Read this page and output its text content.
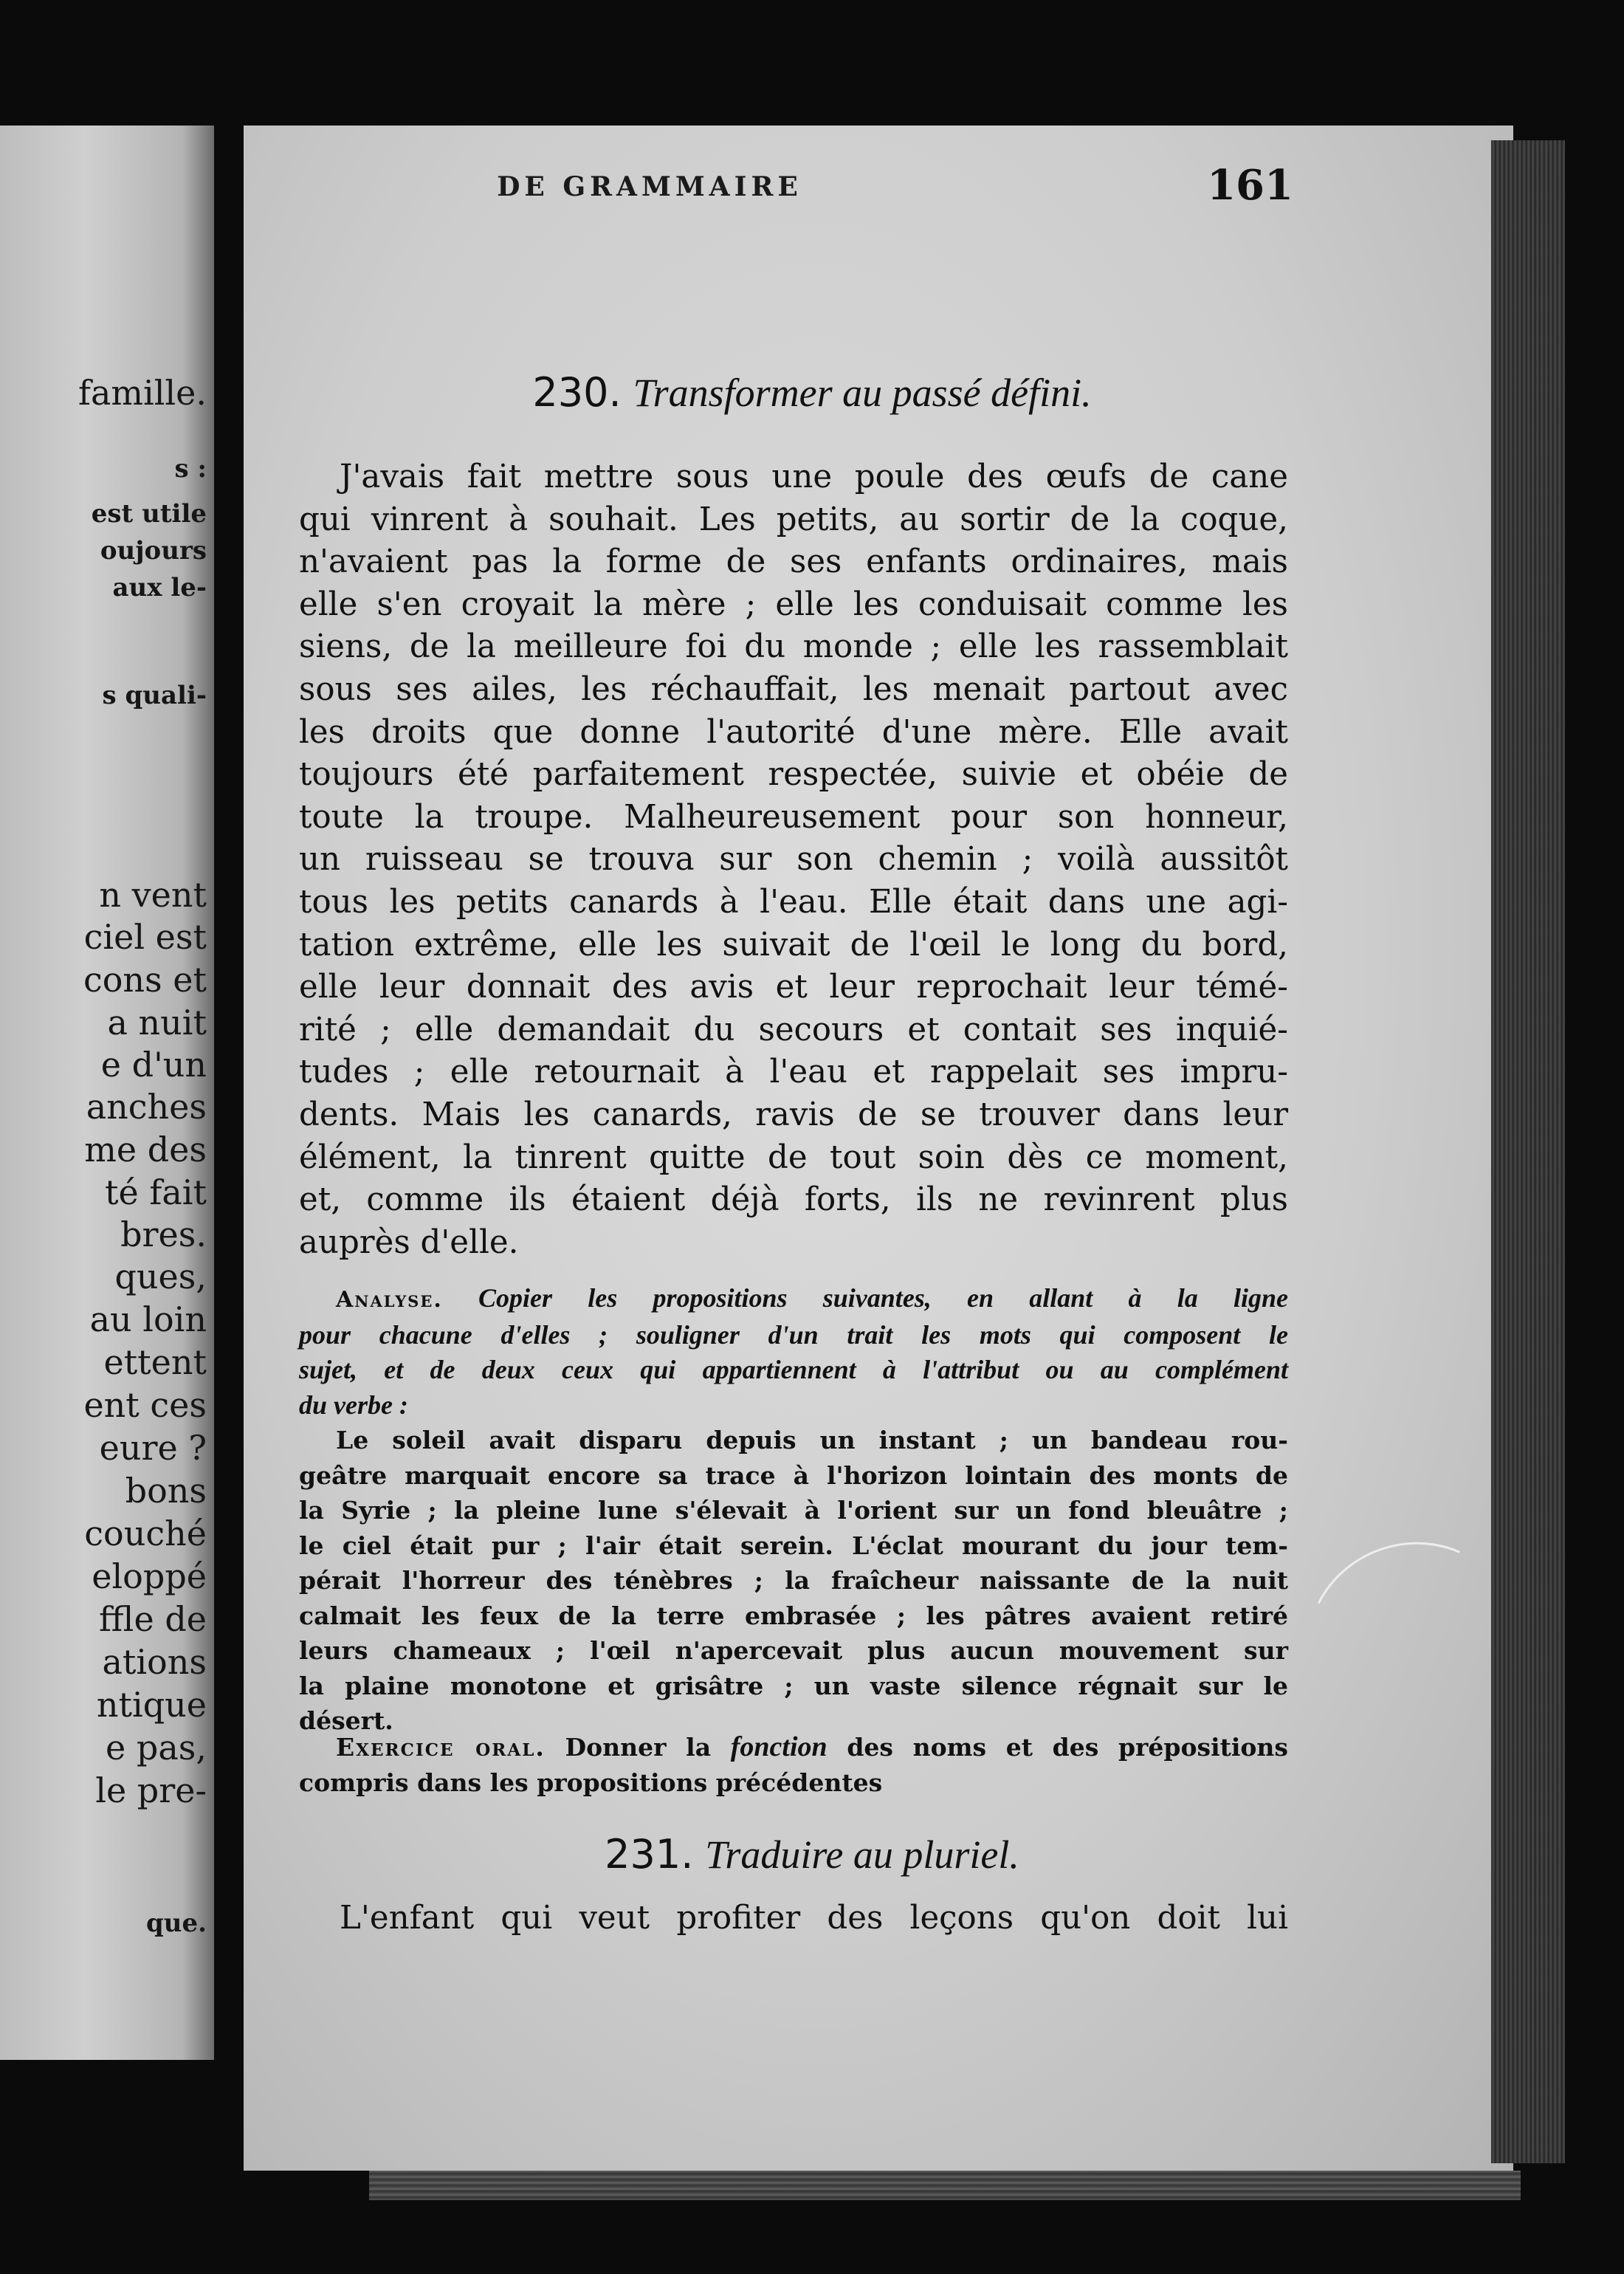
famille.
s :
est utile
oujours
aux le-
s quali-
n vent
ciel est
cons et
a nuit
e d'un
anches
me des
té fait
bres.
ques,
au loin
ettent
ent ces
eure ?
bons
couché
eloppé
ffle de
ations
ntique
e pas,
le pre-
que.
DE GRAMMAIRE	161
230. Transformer au passé défini.
J'avais fait mettre sous une poule des œufs de cane
qui vinrent à souhait. Les petits, au sortir de la coque,
n'avaient pas la forme de ses enfants ordinaires, mais
elle s'en croyait la mère ; elle les conduisait comme les
siens, de la meilleure foi du monde ; elle les rassemblait
sous ses ailes, les réchauffait, les menait partout avec
les droits que donne l'autorité d'une mère. Elle avait
toujours été parfaitement respectée, suivie et obéie de
toute la troupe. Malheureusement pour son honneur,
un ruisseau se trouva sur son chemin ; voilà aussitôt
tous les petits canards à l'eau. Elle était dans une agi-
tation extrême, elle les suivait de l'œil le long du bord,
elle leur donnait des avis et leur reprochait leur témé-
rité ; elle demandait du secours et contait ses inquié-
tudes ; elle retournait à l'eau et rappelait ses impru-
dents. Mais les canards, ravis de se trouver dans leur
élément, la tinrent quitte de tout soin dès ce moment,
et, comme ils étaient déjà forts, ils ne revinrent plus
auprès d'elle.
Analyse. Copier les propositions suivantes, en allant à la ligne
pour chacune d'elles ; souligner d'un trait les mots qui composent le
sujet, et de deux ceux qui appartiennent à l'attribut ou au complément
du verbe :
Le soleil avait disparu depuis un instant ; un bandeau rou-
geâtre marquait encore sa trace à l'horizon lointain des monts de
la Syrie ; la pleine lune s'élevait à l'orient sur un fond bleuâtre ;
le ciel était pur ; l'air était serein. L'éclat mourant du jour tem-
pérait l'horreur des ténèbres ; la fraîcheur naissante de la nuit
calmait les feux de la terre embrasée ; les pâtres avaient retiré
leurs chameaux ; l'œil n'apercevait plus aucun mouvement sur
la plaine monotone et grisâtre ; un vaste silence régnait sur le
désert.
Exercice oral. Donner la fonction des noms et des prépositions
compris dans les propositions précédentes
231. Traduire au pluriel.
L'enfant qui veut profiter des leçons qu'on doit lui
